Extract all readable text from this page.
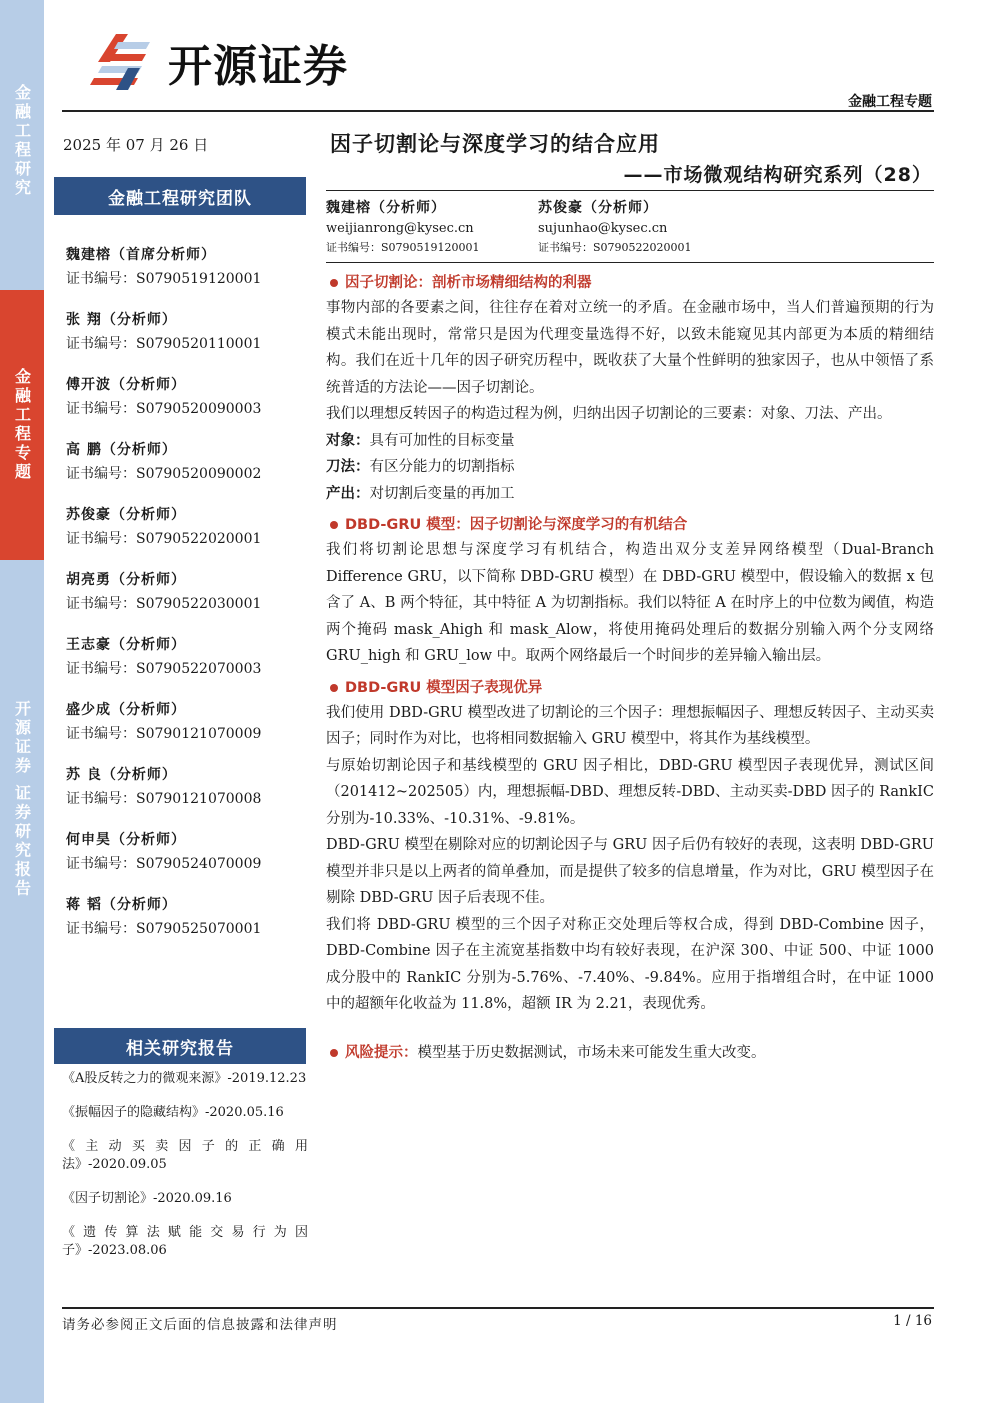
金融工程研究
金融工程专题
开源证券 证券研究报告
开源证券
金融工程专题
2025 年 07 月 26 日
金融工程研究团队
魏建榕（首席分析师）
证书编号：S0790519120001
张 翔（分析师）
证书编号：S0790520110001
傅开波（分析师）
证书编号：S0790520090003
高 鹏（分析师）
证书编号：S0790520090002
苏俊豪（分析师）
证书编号：S0790522020001
胡亮勇（分析师）
证书编号：S0790522030001
王志豪（分析师）
证书编号：S0790522070003
盛少成（分析师）
证书编号：S0790121070009
苏 良（分析师）
证书编号：S0790121070008
何申昊（分析师）
证书编号：S0790524070009
蒋 韬（分析师）
证书编号：S0790525070001
相关研究报告
《A股反转之力的微观来源》-2019.12.23
《振幅因子的隐藏结构》-2020.05.16
《主动买卖因子的正确用法》-2020.09.05
《因子切割论》-2020.09.16
《遗传算法赋能交易行为因子》-2023.08.06
因子切割论与深度学习的结合应用
——市场微观结构研究系列（28）
魏建榕（分析师）
weijianrong@kysec.cn
证书编号：S0790519120001
苏俊豪（分析师）
sujunhao@kysec.cn
证书编号：S0790522020001
因子切割论：剖析市场精细结构的利器

事物内部的各要素之间，往往存在着对立统一的矛盾。在金融市场中，当人们普遍预期的行为模式未能出现时，常常只是因为代理变量选得不好，以致未能窥见其内部更为本质的精细结构。我们在近十几年的因子研究历程中，既收获了大量个性鲜明的独家因子，也从中领悟了系统普适的方法论——因子切割论。

我们以理想反转因子的构造过程为例，归纳出因子切割论的三要素：对象、刀法、产出。

对象：具有可加性的目标变量

刀法：有区分能力的切割指标

产出：对切割后变量的再加工

DBD-GRU 模型：因子切割论与深度学习的有机结合

我们将切割论思想与深度学习有机结合，构造出双分支差异网络模型（Dual-Branch Difference GRU，以下简称 DBD-GRU 模型）在 DBD-GRU 模型中，假设输入的数据 x 包含了 A、B 两个特征，其中特征 A 为切割指标。我们以特征 A 在时序上的中位数为阈值，构造两个掩码 mask_Ahigh 和 mask_Alow，将使用掩码处理后的数据分别输入两个分支网络 GRU_high 和 GRU_low 中。取两个网络最后一个时间步的差异输入输出层。

DBD-GRU 模型因子表现优异

我们使用 DBD-GRU 模型改进了切割论的三个因子：理想振幅因子、理想反转因子、主动买卖因子；同时作为对比，也将相同数据输入 GRU 模型中，将其作为基线模型。

与原始切割论因子和基线模型的 GRU 因子相比，DBD-GRU 模型因子表现优异，测试区间（201412~202505）内，理想振幅-DBD、理想反转-DBD、主动买卖-DBD 因子的 RankIC 分别为-10.33%、-10.31%、-9.81%。

DBD-GRU 模型在剔除对应的切割论因子与 GRU 因子后仍有较好的表现，这表明 DBD-GRU 模型并非只是以上两者的简单叠加，而是提供了较多的信息增量，作为对比，GRU 模型因子在剔除 DBD-GRU 因子后表现不佳。

我们将 DBD-GRU 模型的三个因子对称正交处理后等权合成，得到 DBD-Combine 因子，DBD-Combine 因子在主流宽基指数中均有较好表现，在沪深 300、中证 500、中证 1000 成分股中的 RankIC 分别为-5.76%、-7.40%、-9.84%。应用于指增组合时，在中证 1000 中的超额年化收益为 11.8%，超额 IR 为 2.21，表现优秀。

风险提示： 模型基于历史数据测试，市场未来可能发生重大改变。
请务必参阅正文后面的信息披露和法律声明	1 / 16
